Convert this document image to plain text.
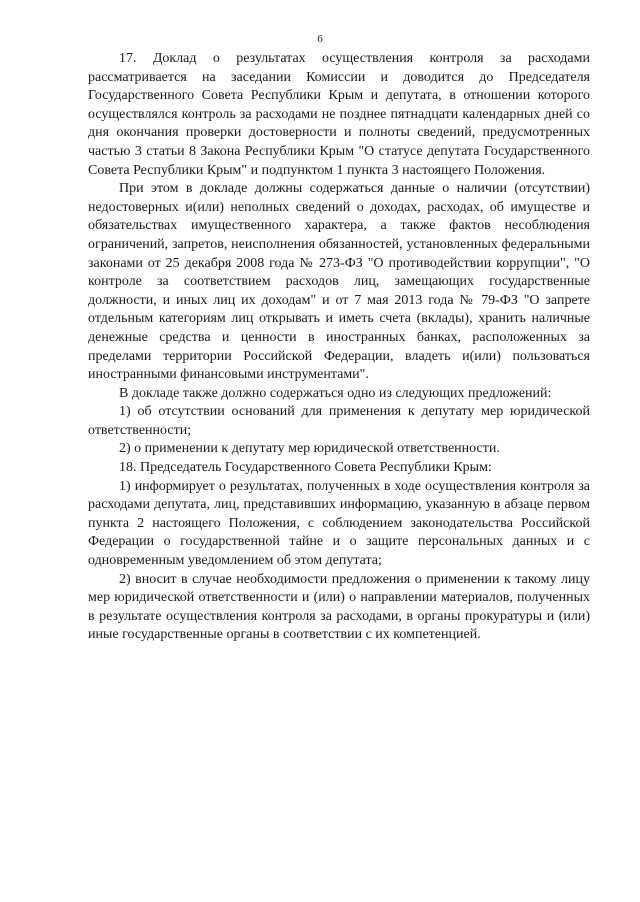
6

17. Доклад о результатах осуществления контроля за расходами рассматривается на заседании Комиссии и доводится до Председателя Государственного Совета Республики Крым и депутата, в отношении которого осуществлялся контроль за расходами не позднее пятнадцати календарных дней со дня окончания проверки достоверности и полноты сведений, предусмотренных частью 3 статьи 8 Закона Республики Крым "О статусе депутата Государственного Совета Республики Крым" и подпунктом 1 пункта 3 настоящего Положения.

При этом в докладе должны содержаться данные о наличии (отсутствии) недостоверных и(или) неполных сведений о доходах, расходах, об имуществе и обязательствах имущественного характера, а также фактов несоблюдения ограничений, запретов, неисполнения обязанностей, установленных федеральными законами от 25 декабря 2008 года № 273-ФЗ "О противодействии коррупции", "О контроле за соответствием расходов лиц, замещающих государственные должности, и иных лиц их доходам" и от 7 мая 2013 года № 79-ФЗ "О запрете отдельным категориям лиц открывать и иметь счета (вклады), хранить наличные денежные средства и ценности в иностранных банках, расположенных за пределами территории Российской Федерации, владеть и(или) пользоваться иностранными финансовыми инструментами".

В докладе также должно содержаться одно из следующих предложений:

1) об отсутствии оснований для применения к депутату мер юридической ответственности;

2) о применении к депутату мер юридической ответственности.

18. Председатель Государственного Совета Республики Крым:

1) информирует о результатах, полученных в ходе осуществления контроля за расходами депутата, лиц, представивших информацию, указанную в абзаце первом пункта 2 настоящего Положения, с соблюдением законодательства Российской Федерации о государственной тайне и о защите персональных данных и с одновременным уведомлением об этом депутата;

2) вносит в случае необходимости предложения о применении к такому лицу мер юридической ответственности и (или) о направлении материалов, полученных в результате осуществления контроля за расходами, в органы прокуратуры и (или) иные государственные органы в соответствии с их компетенцией.
